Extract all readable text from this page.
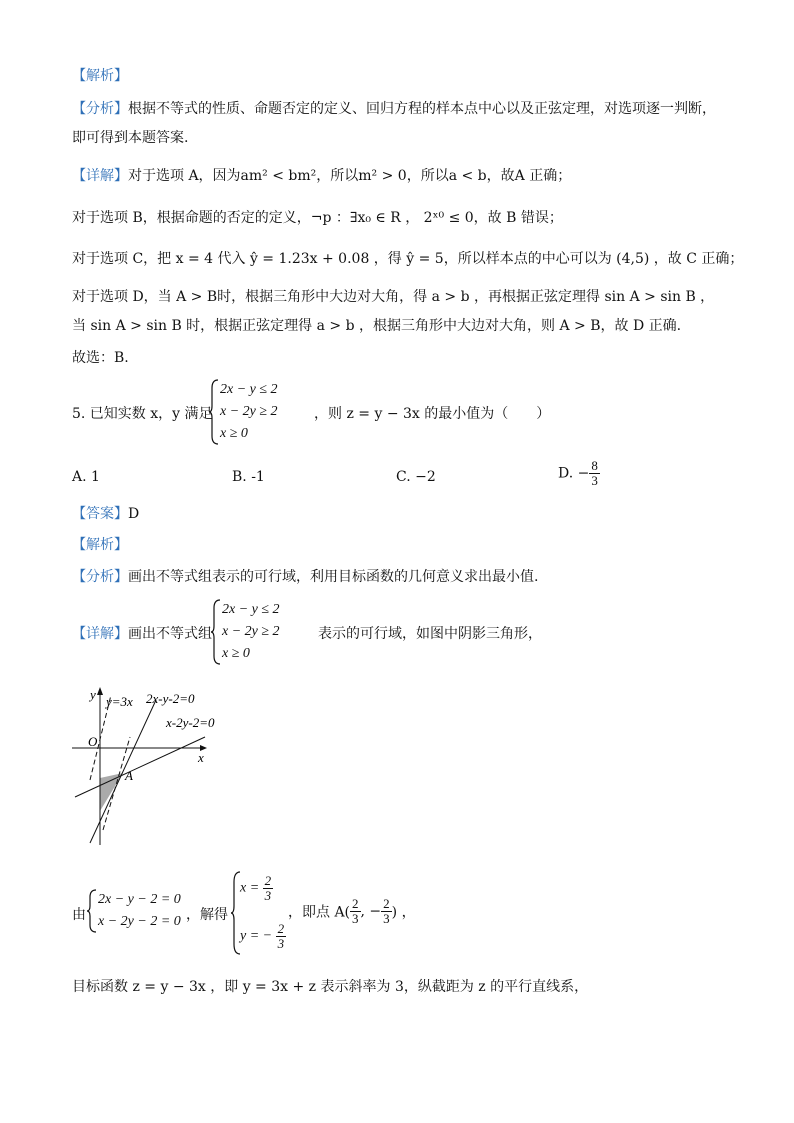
【解析】
【分析】根据不等式的性质、命题否定的定义、回归方程的样本点中心以及正弦定理，对选项逐一判断，
即可得到本题答案.
【详解】对于选项 A，因为am² < bm²，所以m² > 0，所以a < b，故A 正确；
对于选项 B，根据命题的否定的定义，¬p ：∃x₀ ∈ R ， 2ˣ⁰ ≤ 0，故 B 错误；
对于选项 C，把 x = 4 代入 ŷ = 1.23x + 0.08 ，得 ŷ = 5，所以样本点的中心可以为 (4,5) ，故 C 正确；
对于选项 D，当 A > B时，根据三角形中大边对大角，得 a > b ，再根据正弦定理得 sin A > sin B ，
当 sin A > sin B 时，根据正弦定理得 a > b ，根据三角形中大边对大角，则 A > B，故 D 正确.
故选：B.
5. 已知实数 x，y 满足
2x − y ≤ 2
x − 2y ≥ 2
x ≥ 0
，则 z = y − 3x 的最小值为（　　）
A. 1	B. -1	C. −2	D. − $\frac{8}{3}$
【答案】D
【解析】
【分析】画出不等式组表示的可行域，利用目标函数的几何意义求出最小值.
【详解】画出不等式组
2x − y ≤ 2
x − 2y ≥ 2
x ≥ 0
表示的可行域，如图中阴影三角形，
y
x
O
A
y=3x 2x-y-2=0
x-2y-2=0
由
2x − y − 2 = 0
x − 2y − 2 = 0 ，解得
$x = \frac{2}{3}$
y = − $\frac{2}{3}$
，即点 $A( \frac{2}{3}$ , − $\frac{2}{3}$ ) ，
目标函数 z = y − 3x ，即 y = 3x + z 表示斜率为 3，纵截距为 z 的平行直线系，
